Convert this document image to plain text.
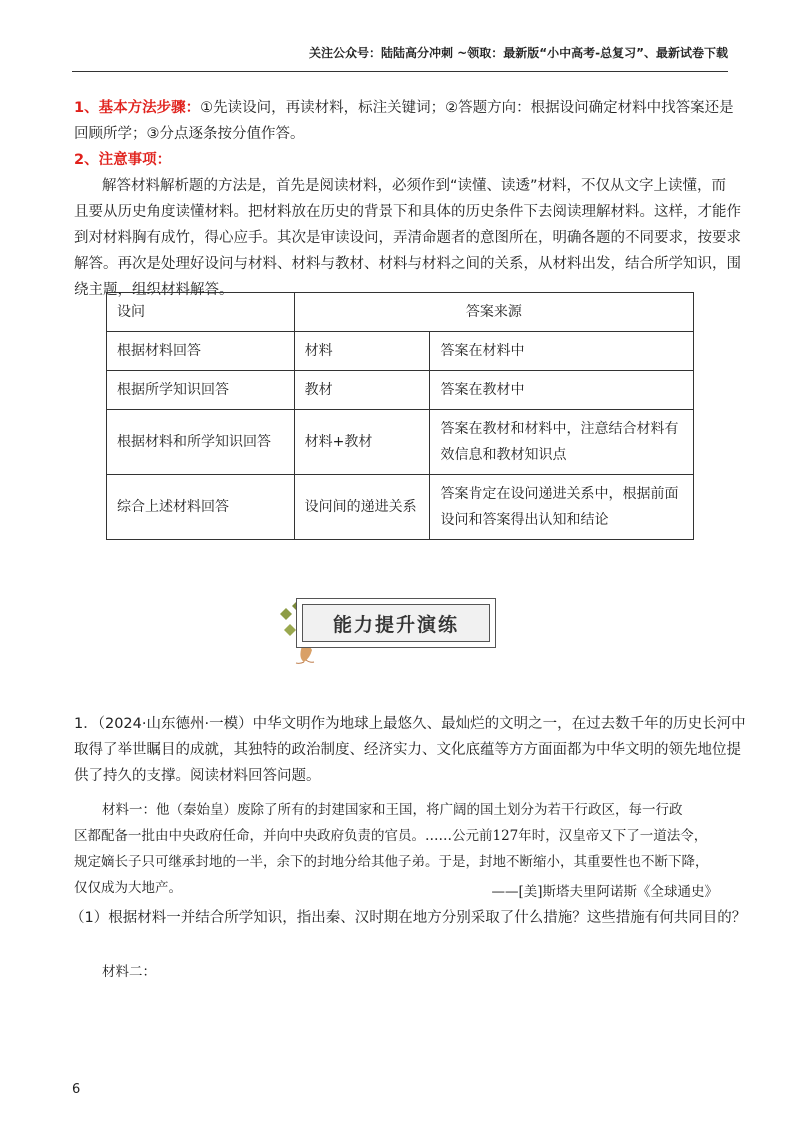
关注公众号：陆陆高分冲刺 ~领取：最新版“小中高考-总复习”、最新试卷下载
1、基本方法步骤：①先读设问，再读材料，标注关键词；②答题方向：根据设问确定材料中找答案还是
回顾所学；③分点逐条按分值作答。
2、注意事项：
解答材料解析题的方法是，首先是阅读材料，必须作到“读懂、读透”材料，不仅从文字上读懂，而
且要从历史角度读懂材料。把材料放在历史的背景下和具体的历史条件下去阅读理解材料。这样，才能作
到对材料胸有成竹，得心应手。其次是审读设问，弄清命题者的意图所在，明确各题的不同要求，按要求
解答。再次是处理好设问与材料、材料与教材、材料与材料之间的关系，从材料出发，结合所学知识，围
绕主题，组织材料解答。
设问	答案来源	
根据材料回答	材料	答案在材料中
根据所学知识回答	教材	答案在教材中
根据材料和所学知识回答	材料+教材	答案在教材和材料中，注意结合材料有
效信息和教材知识点

综合上述材料回答	设问间的递进关系	答案肯定在设问递进关系中，根据前面
设问和答案得出认知和结论
能力提升演练
1．（2024·山东德州·一模）中华文明作为地球上最悠久、最灿烂的文明之一，在过去数千年的历史长河中
取得了举世瞩目的成就，其独特的政治制度、经济实力、文化底蕴等方方面面都为中华文明的领先地位提
供了持久的支撑。阅读材料回答问题。
材料一：他（秦始皇）废除了所有的封建国家和王国，将广阔的国土划分为若干行政区，每一行政
区都配备一批由中央政府任命，并向中央政府负责的官员。……公元前127年时，汉皇帝又下了一道法令，
规定嫡长子只可继承封地的一半，余下的封地分给其他子弟。于是，封地不断缩小，其重要性也不断下降，
仅仅成为大地产。	——[美]斯塔夫里阿诺斯《全球通史》
（1）根据材料一并结合所学知识，指出秦、汉时期在地方分别采取了什么措施？这些措施有何共同目的？
材料二：
6
